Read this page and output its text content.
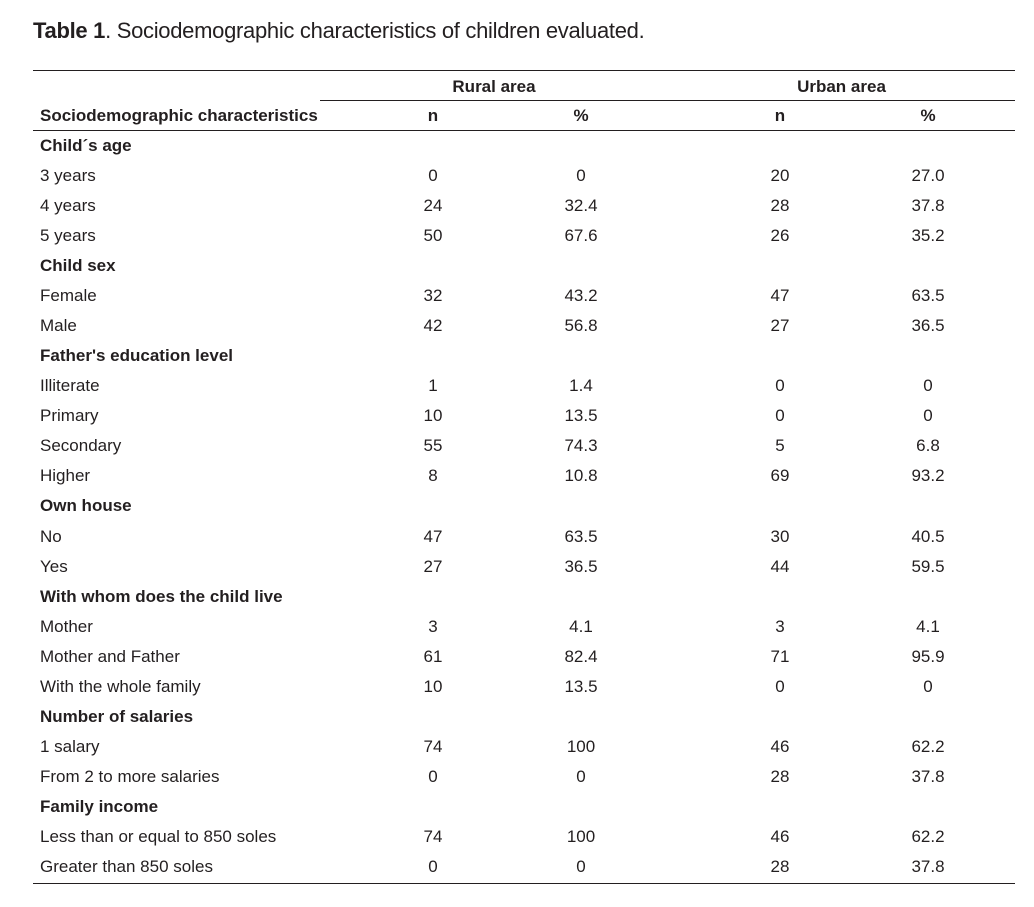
Table 1. Sociodemographic characteristics of children evaluated.
Rural area	Urban area
Sociodemographic characteristics	n	%	n	%
Child´s age
3 years	0	0	20	27.0
4 years	24	32.4	28	37.8
5 years	50	67.6	26	35.2
Child sex
Female	32	43.2	47	63.5
Male	42	56.8	27	36.5
Father's education level
Illiterate	1	1.4	0	0
Primary	10	13.5	0	0
Secondary	55	74.3	5	6.8
Higher	8	10.8	69	93.2
Own house
No	47	63.5	30	40.5
Yes	27	36.5	44	59.5
With whom does the child live
Mother	3	4.1	3	4.1
Mother and Father	61	82.4	71	95.9
With the whole family	10	13.5	0	0
Number of salaries
1 salary	74	100	46	62.2
From 2 to more salaries	0	0	28	37.8
Family income
Less than or equal to 850 soles	74	100	46	62.2
Greater than 850 soles	0	0	28	37.8
